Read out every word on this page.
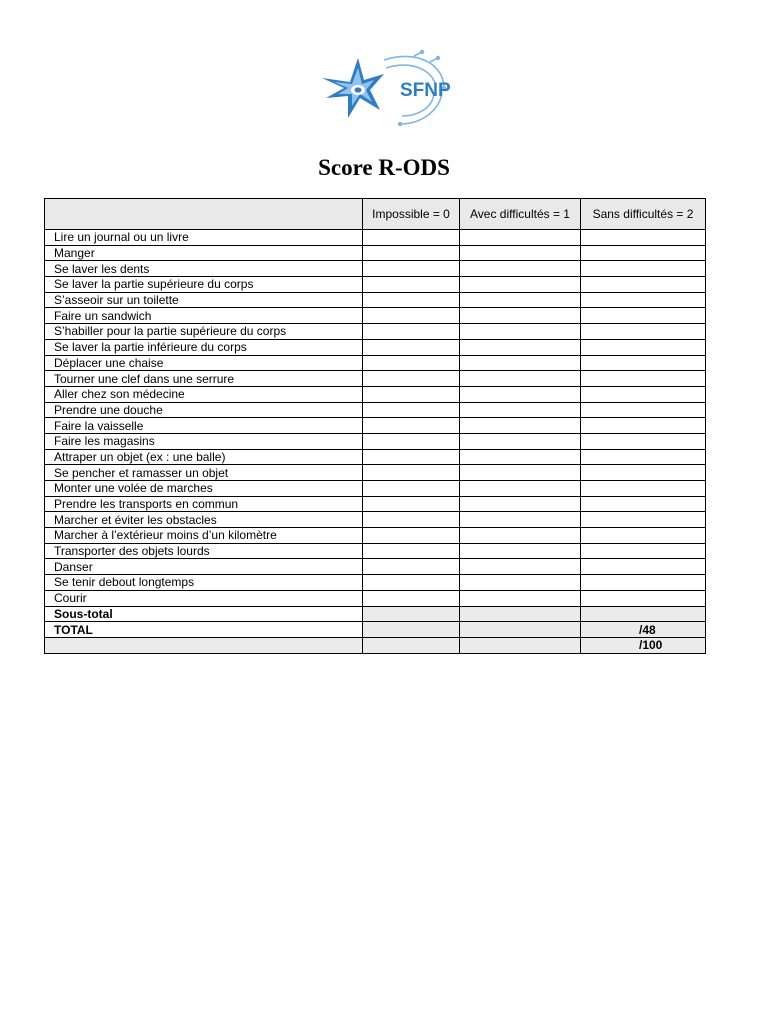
SFNP
Score R-ODS
	Impossible = 0	Avec difficultés = 1	Sans difficultés = 2
Lire un journal ou un livre			
Manger			
Se laver les dents			
Se laver la partie supérieure du corps			
S’asseoir sur un toilette			
Faire un sandwich			
S’habiller pour la partie supérieure du corps			
Se laver la partie inférieure du corps			
Déplacer une chaise			
Tourner une clef dans une serrure			
Aller chez son médecine			
Prendre une douche			
Faire la vaisselle			
Faire les magasins			
Attraper un objet (ex : une balle)			
Se pencher et ramasser un objet			
Monter une volée de marches			
Prendre les transports en commun			
Marcher et éviter les obstacles			
Marcher à l’extérieur moins d’un kilomètre			
Transporter des objets lourds			
Danser			
Se tenir debout longtemps			
Courir			
Sous-total			
TOTAL			/48
			/100
